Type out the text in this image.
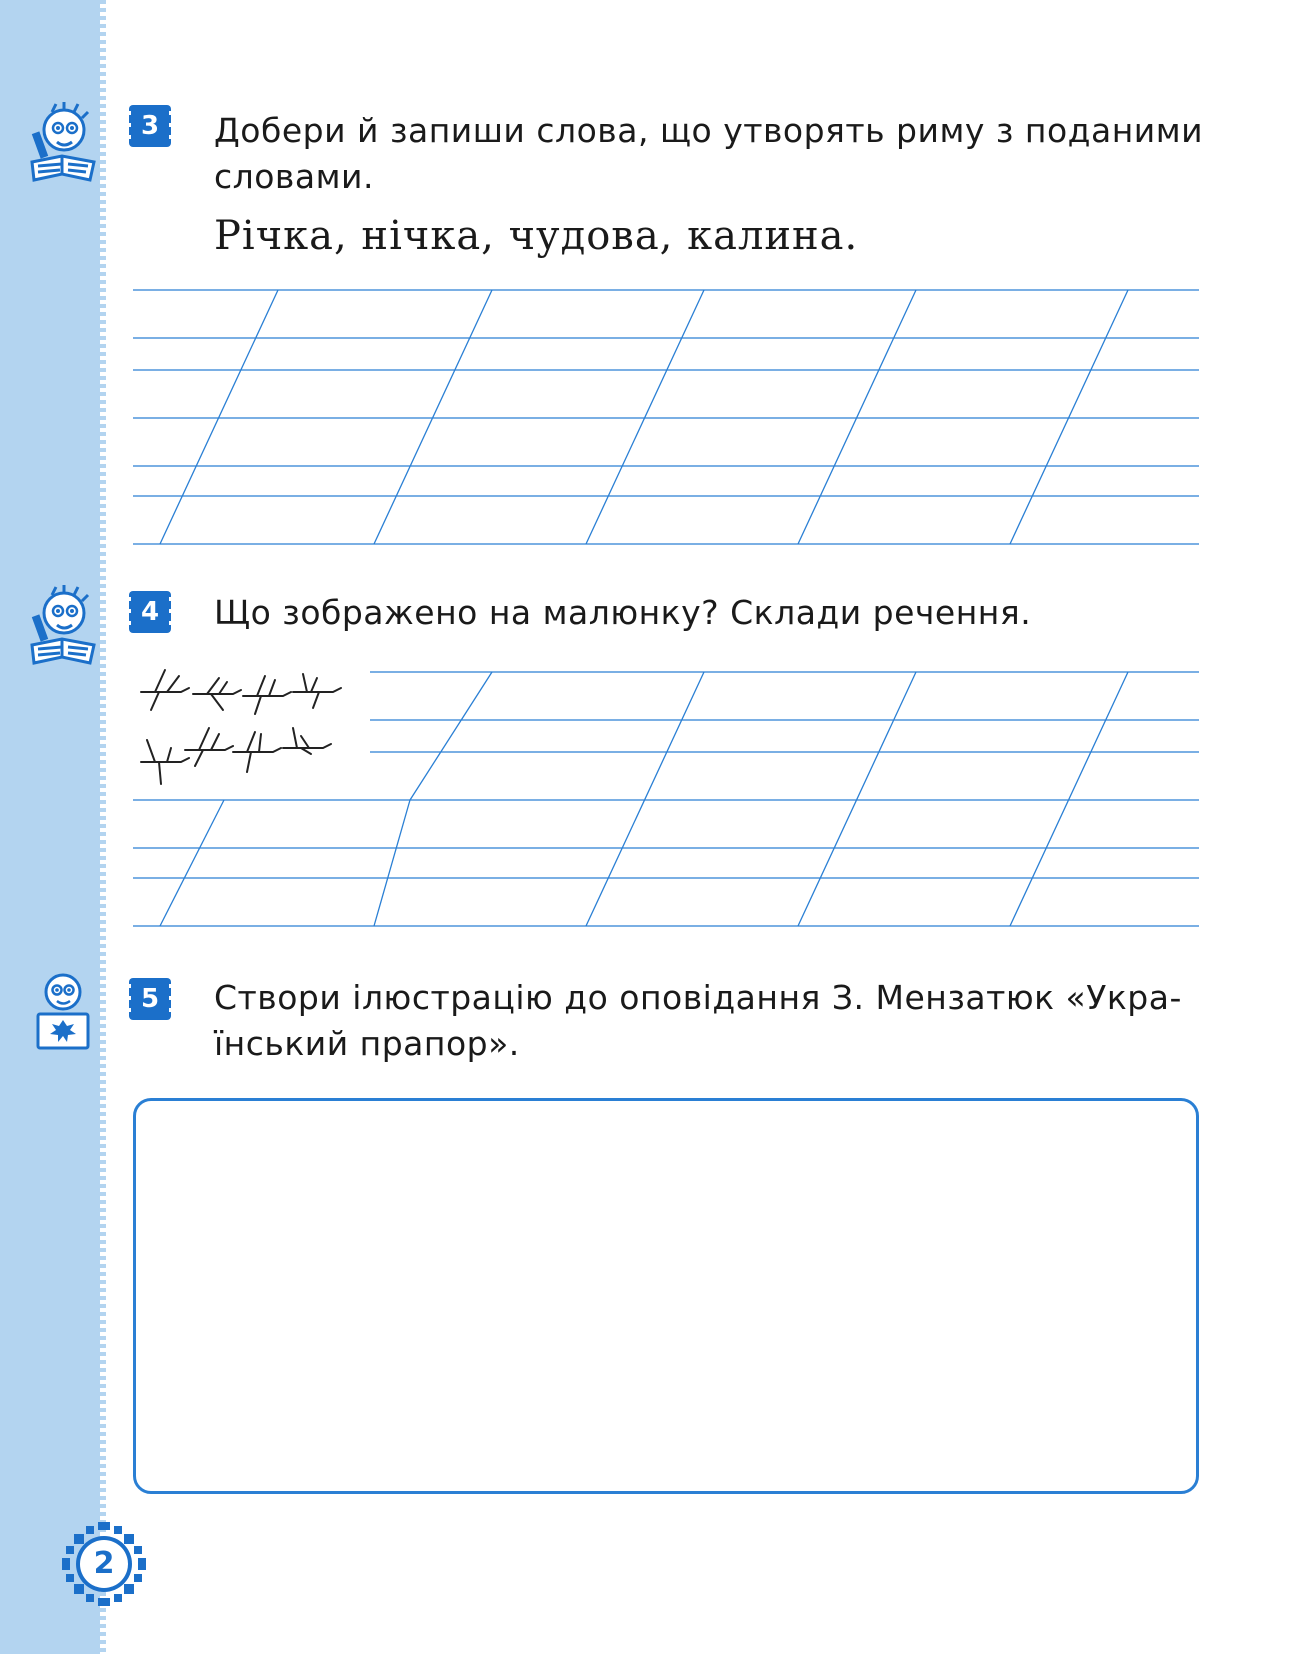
3	Добери й запиши слова, що утворять риму з поданими
словами.
Річка, нічка, чудова, калина.
4	Що зображено на малюнку? Склади речення.
5	Створи ілюстрацію до оповідання З. Мензатюк «Укра-
їнський прапор».
2
